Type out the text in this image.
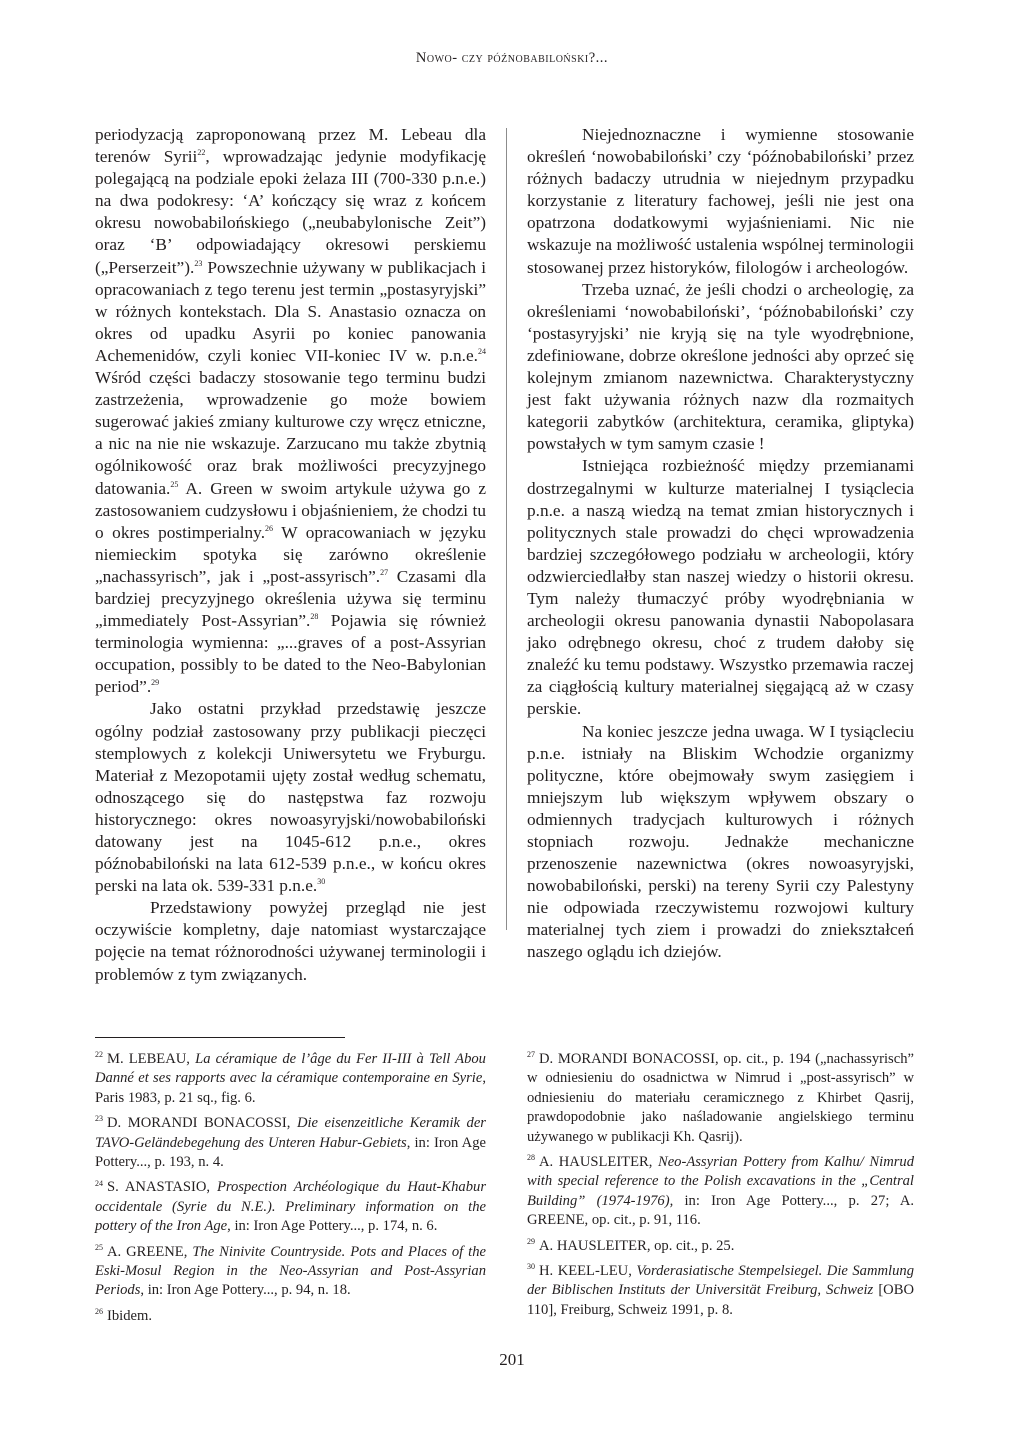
Nowo- czy późnobabiloński?...

periodyzacją zaproponowaną przez M. Lebeau dla terenów Syrii$^{22}$, wprowadzając jedynie modyfikację polegającą na podziale epoki żelaza III (700-330 p.n.e.) na dwa podokresy: ‘A’ kończący się wraz z końcem okresu nowobabilońskiego („neubabylonische Zeit”) oraz ‘B’ odpowiadający okresowi perskiemu („Perserzeit”).$^{23}$ Powszechnie używany w publikacjach i opracowaniach z tego terenu jest termin „postasyryjski” w różnych kontekstach. Dla S. Anastasio oznacza on okres od upadku Asyrii po koniec panowania Achemenidów, czyli koniec VII-koniec IV w. p.n.e.$^{24}$ Wśród części badaczy stosowanie tego terminu budzi zastrzeżenia, wprowadzenie go może bowiem sugerować jakieś zmiany kulturowe czy wręcz etniczne, a nic na nie nie wskazuje. Zarzucano mu także zbytnią ogólnikowość oraz brak możliwości precyzyjnego datowania.$^{25}$ A. Green w swoim artykule używa go z zastosowaniem cudzysłowu i objaśnieniem, że chodzi tu o okres postimperialny.$^{26}$ W opracowaniach w języku niemieckim spotyka się zarówno określenie „nachassyrisch”, jak i „post-assyrisch”.$^{27}$ Czasami dla bardziej precyzyjnego określenia używa się terminu „immediately Post-Assyrian”.$^{28}$ Pojawia się również terminologia wymienna: „...graves of a post-Assyrian occupation, possibly to be dated to the Neo-Babylonian period”.$^{29}$

Jako ostatni przykład przedstawię jeszcze ogólny podział zastosowany przy publikacji pieczęci stemplowych z kolekcji Uniwersytetu we Fryburgu. Materiał z Mezopotamii ujęty został według schematu, odnoszącego się do następstwa faz rozwoju historycznego: okres nowoasyryjski/nowobabiloński datowany jest na 1045-612 p.n.e., okres późnobabiloński na lata 612-539 p.n.e., w końcu okres perski na lata ok. 539-331 p.n.e.$^{30}$

Przedstawiony powyżej przegląd nie jest oczywiście kompletny, daje natomiast wystarczające pojęcie na temat różnorodności używanej terminologii i problemów z tym związanych.

Niejednoznaczne i wymienne stosowanie określeń ‘nowobabiloński’ czy ‘późnobabiloński’ przez różnych badaczy utrudnia w niejednym przypadku korzystanie z literatury fachowej, jeśli nie jest ona opatrzona dodatkowymi wyjaśnieniami. Nic nie wskazuje na możliwość ustalenia wspólnej terminologii stosowanej przez historyków, filologów i archeologów.

Trzeba uznać, że jeśli chodzi o archeologię, za określeniami ‘nowobabiloński’, ‘późnobabiloński’ czy ‘postasyryjski’ nie kryją się na tyle wyodrębnione, zdefiniowane, dobrze określone jedności aby oprzeć się kolejnym zmianom nazewnictwa. Charakterystyczny jest fakt używania różnych nazw dla rozmaitych kategorii zabytków (architektura, ceramika, gliptyka) powstałych w tym samym czasie !

Istniejąca rozbieżność między przemianami dostrzegalnymi w kulturze materialnej I tysiąclecia p.n.e. a naszą wiedzą na temat zmian historycznych i politycznych stale prowadzi do chęci wprowadzenia bardziej szczegółowego podziału w archeologii, który odzwierciedlałby stan naszej wiedzy o historii okresu. Tym należy tłumaczyć próby wyodrębniania w archeologii okresu panowania dynastii Nabopolasara jako odrębnego okresu, choć z trudem dałoby się znaleźć ku temu podstawy. Wszystko przemawia raczej za ciągłością kultury materialnej sięgającą aż w czasy perskie.

Na koniec jeszcze jedna uwaga. W I tysiącleciu p.n.e. istniały na Bliskim Wchodzie organizmy polityczne, które obejmowały swym zasięgiem i mniejszym lub większym wpływem obszary o odmiennych tradycjach kulturowych i różnych stopniach rozwoju. Jednakże mechaniczne przenoszenie nazewnictwa (okres nowoasyryjski, nowobabiloński, perski) na tereny Syrii czy Palestyny nie odpowiada rzeczywistemu rozwojowi kultury materialnej tych ziem i prowadzi do zniekształceń naszego oglądu ich dziejów.

$^{22}$ M. LEBEAU, La céramique de l’âge du Fer II-III à Tell Abou Danné et ses rapports avec la céramique contemporaine en Syrie, Paris 1983, p. 21 sq., fig. 6.

$^{23}$ D. MORANDI BONACOSSI, Die eisenzeitliche Keramik der TAVO-Geländebegehung des Unteren Habur-Gebiets, in: Iron Age Pottery..., p. 193, n. 4.

$^{24}$ S. ANASTASIO, Prospection Archéologique du Haut-Khabur occidentale (Syrie du N.E.). Preliminary information on the pottery of the Iron Age, in: Iron Age Pottery..., p. 174, n. 6.

$^{25}$ A. GREENE, The Ninivite Countryside. Pots and Places of the Eski-Mosul Region in the Neo-Assyrian and Post-Assyrian Periods, in: Iron Age Pottery..., p. 94, n. 18.

$^{26}$ Ibidem.

$^{27}$ D. MORANDI BONACOSSI, op. cit., p. 194 („nachassyrisch” w odniesieniu do osadnictwa w Nimrud i „post-assyrisch” w odniesieniu do materiału ceramicznego z Khirbet Qasrij, prawdopodobnie jako naśladowanie angielskiego terminu używanego w publikacji Kh. Qasrij).

$^{28}$ A. HAUSLEITER, Neo-Assyrian Pottery from Kalhu/ Nimrud with special reference to the Polish excavations in the „Central Building” (1974-1976), in: Iron Age Pottery..., p. 27; A. GREENE, op. cit., p. 91, 116.

$^{29}$ A. HAUSLEITER, op. cit., p. 25.

$^{30}$ H. KEEL-LEU, Vorderasiatische Stempelsiegel. Die Sammlung der Biblischen Instituts der Universität Freiburg, Schweiz [OBO 110], Freiburg, Schweiz 1991, p. 8.

201
